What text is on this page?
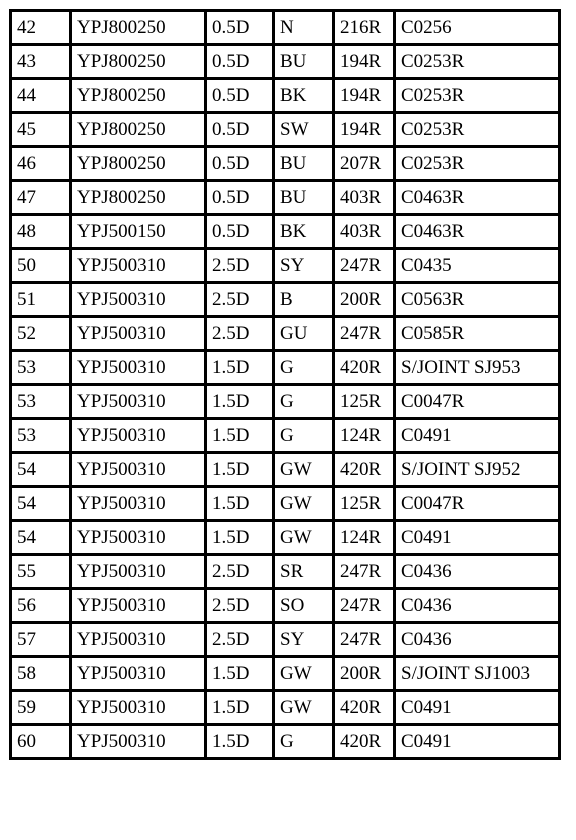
42	YPJ800250	0.5D	N	216R	C0256
43	YPJ800250	0.5D	BU	194R	C0253R
44	YPJ800250	0.5D	BK	194R	C0253R
45	YPJ800250	0.5D	SW	194R	C0253R
46	YPJ800250	0.5D	BU	207R	C0253R
47	YPJ800250	0.5D	BU	403R	C0463R
48	YPJ500150	0.5D	BK	403R	C0463R
50	YPJ500310	2.5D	SY	247R	C0435
51	YPJ500310	2.5D	B	200R	C0563R
52	YPJ500310	2.5D	GU	247R	C0585R
53	YPJ500310	1.5D	G	420R	S/JOINT SJ953
53	YPJ500310	1.5D	G	125R	C0047R
53	YPJ500310	1.5D	G	124R	C0491
54	YPJ500310	1.5D	GW	420R	S/JOINT SJ952
54	YPJ500310	1.5D	GW	125R	C0047R
54	YPJ500310	1.5D	GW	124R	C0491
55	YPJ500310	2.5D	SR	247R	C0436
56	YPJ500310	2.5D	SO	247R	C0436
57	YPJ500310	2.5D	SY	247R	C0436
58	YPJ500310	1.5D	GW	200R	S/JOINT SJ1003
59	YPJ500310	1.5D	GW	420R	C0491
60	YPJ500310	1.5D	G	420R	C0491
